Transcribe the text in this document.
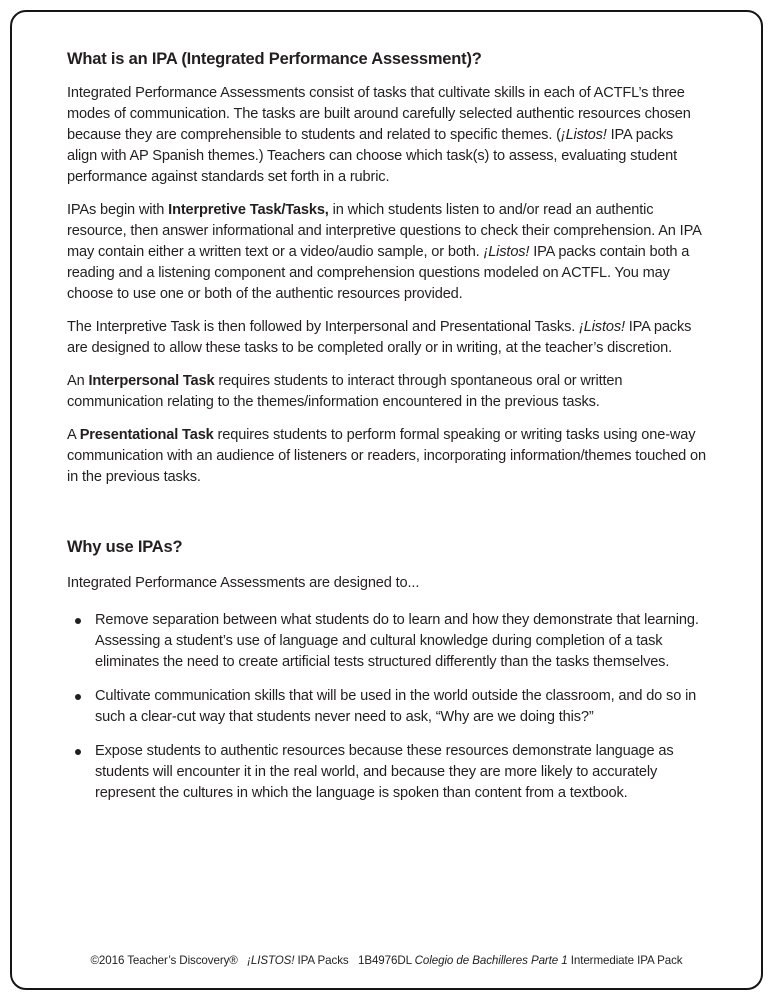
What is an IPA (Integrated Performance Assessment)?

Integrated Performance Assessments consist of tasks that cultivate skills in each of ACTFL’s three modes of communication. The tasks are built around carefully selected authentic resources chosen because they are comprehensible to students and related to specific themes. (¡Listos! IPA packs align with AP Spanish themes.) Teachers can choose which task(s) to assess, evaluating student performance against standards set forth in a rubric.

IPAs begin with Interpretive Task/Tasks, in which students listen to and/or read an authentic resource, then answer informational and interpretive questions to check their comprehension. An IPA may contain either a written text or a video/audio sample, or both. ¡Listos! IPA packs contain both a reading and a listening component and comprehension questions modeled on ACTFL. You may choose to use one or both of the authentic resources provided.

The Interpretive Task is then followed by Interpersonal and Presentational Tasks. ¡Listos! IPA packs are designed to allow these tasks to be completed orally or in writing, at the teacher’s discretion.

An Interpersonal Task requires students to interact through spontaneous oral or written communication relating to the themes/information encountered in the previous tasks.

A Presentational Task requires students to perform formal speaking or writing tasks using one-way communication with an audience of listeners or readers, incorporating information/themes touched on in the previous tasks.

Why use IPAs?

Integrated Performance Assessments are designed to...

Remove separation between what students do to learn and how they demonstrate that learning. Assessing a student’s use of language and cultural knowledge during completion of a task eliminates the need to create artificial tests structured differently than the tasks themselves.
Cultivate communication skills that will be used in the world outside the classroom, and do so in such a clear-cut way that students never need to ask, “Why are we doing this?”
Expose students to authentic resources because these resources demonstrate language as students will encounter it in the real world, and because they are more likely to accurately represent the cultures in which the language is spoken than content from a textbook.
©2016 Teacher’s Discovery®   ¡LISTOS! IPA Packs   1B4976DL Colegio de Bachilleres Parte 1 Intermediate IPA Pack
